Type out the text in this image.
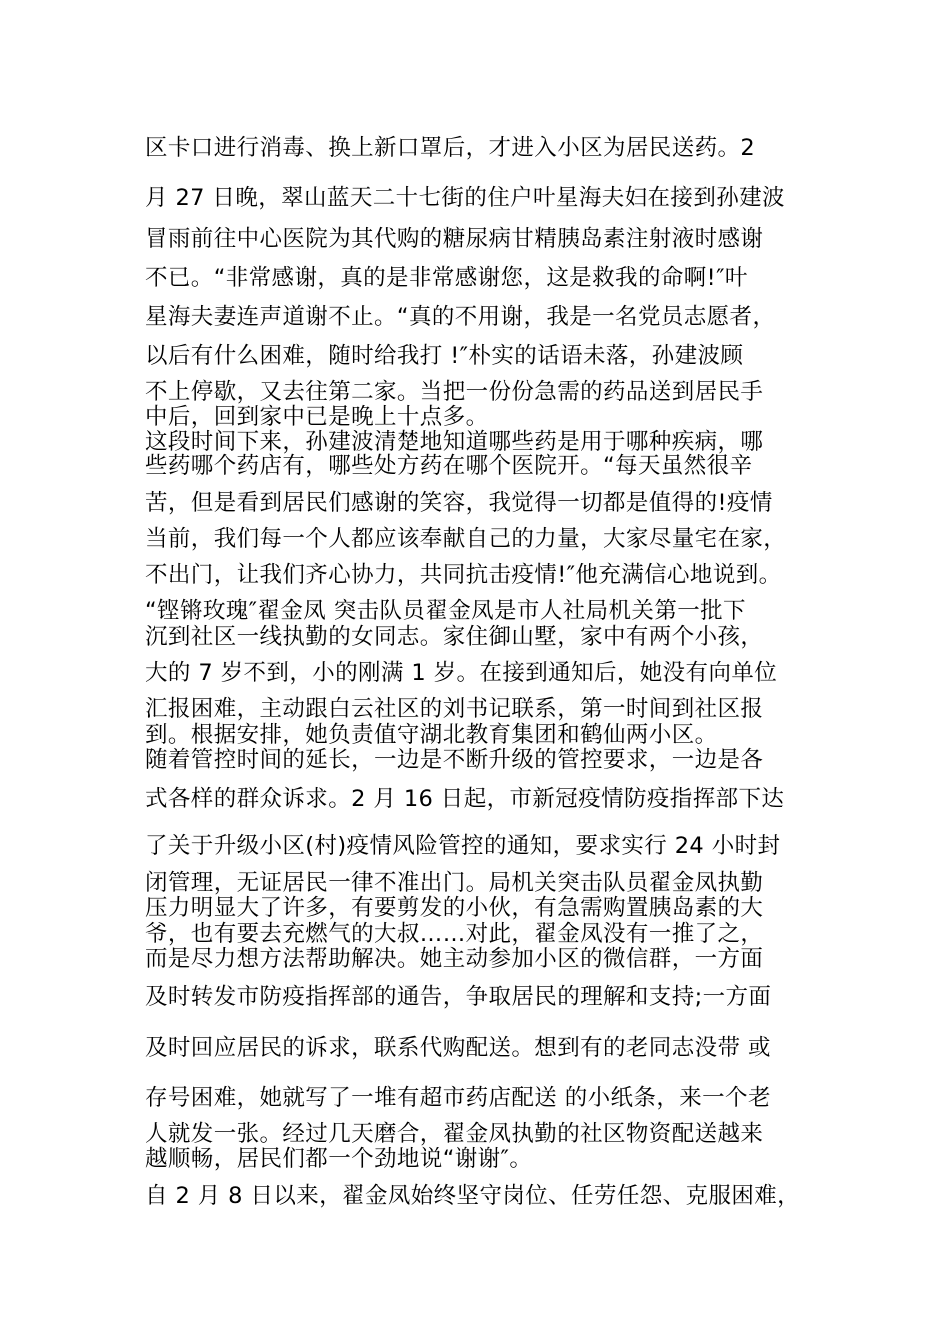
区卡口进行消毒、换上新口罩后，才进入小区为居民送药。2
月 27 日晚，翠山蓝天二十七街的住户叶星海夫妇在接到孙建波
冒雨前往中心医院为其代购的糖尿病甘精胰岛素注射液时感谢
不已。“非常感谢，真的是非常感谢您，这是救我的命啊!″叶
星海夫妻连声道谢不止。“真的不用谢，我是一名党员志愿者，
以后有什么困难，随时给我打 !″朴实的话语未落，孙建波顾
不上停歇，又去往第二家。当把一份份急需的药品送到居民手
中后，回到家中已是晚上十点多。
这段时间下来，孙建波清楚地知道哪些药是用于哪种疾病，哪
些药哪个药店有，哪些处方药在哪个医院开。“每天虽然很辛
苦，但是看到居民们感谢的笑容，我觉得一切都是值得的!疫情
当前，我们每一个人都应该奉献自己的力量，大家尽量宅在家，
不出门，让我们齐心协力，共同抗击疫情!″他充满信心地说到。
“铿锵玫瑰″翟金凤 突击队员翟金凤是市人社局机关第一批下
沉到社区一线执勤的女同志。家住御山墅，家中有两个小孩，
大的 7 岁不到，小的刚满 1 岁。在接到通知后，她没有向单位
汇报困难，主动跟白云社区的刘书记联系，第一时间到社区报
到。根据安排，她负责值守湖北教育集团和鹤仙两小区。
随着管控时间的延长，一边是不断升级的管控要求，一边是各
式各样的群众诉求。2 月 16 日起，市新冠疫情防疫指挥部下达
了关于升级小区(村)疫情风险管控的通知，要求实行 24 小时封
闭管理，无证居民一律不准出门。局机关突击队员翟金凤执勤
压力明显大了许多，有要剪发的小伙，有急需购置胰岛素的大
爷，也有要去充燃气的大叔……对此，翟金凤没有一推了之，
而是尽力想方法帮助解决。她主动参加小区的微信群，一方面
及时转发市防疫指挥部的通告，争取居民的理解和支持;一方面
及时回应居民的诉求，联系代购配送。想到有的老同志没带 或
存号困难，她就写了一堆有超市药店配送 的小纸条，来一个老
人就发一张。经过几天磨合，翟金凤执勤的社区物资配送越来
越顺畅，居民们都一个劲地说“谢谢″。
自 2 月 8 日以来，翟金凤始终坚守岗位、任劳任怨、克服困难，
